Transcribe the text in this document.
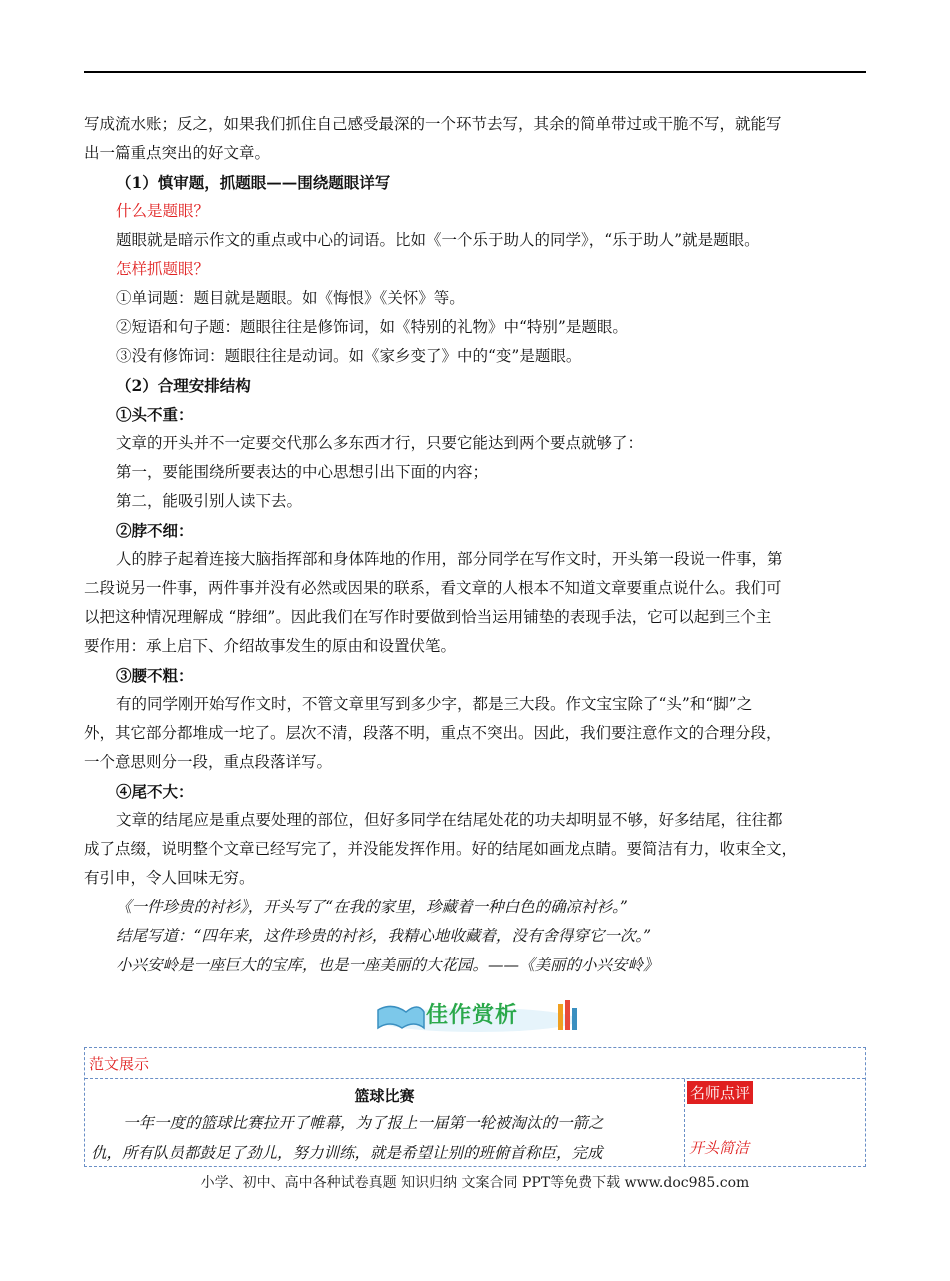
写成流水账；反之，如果我们抓住自己感受最深的一个环节去写，其余的简单带过或干脆不写，就能写

出一篇重点突出的好文章。

（1）慎审题，抓题眼——围绕题眼详写

什么是题眼？

题眼就是暗示作文的重点或中心的词语。比如《一个乐于助人的同学》，“乐于助人”就是题眼。

怎样抓题眼？

①单词题：题目就是题眼。如《悔恨》《关怀》等。

②短语和句子题：题眼往往是修饰词，如《特别的礼物》中“特别”是题眼。

③没有修饰词：题眼往往是动词。如《家乡变了》中的“变”是题眼。

（2）合理安排结构

①头不重：

文章的开头并不一定要交代那么多东西才行，只要它能达到两个要点就够了：

第一，要能围绕所要表达的中心思想引出下面的内容；

第二，能吸引别人读下去。

②脖不细：

人的脖子起着连接大脑指挥部和身体阵地的作用，部分同学在写作文时，开头第一段说一件事，第

二段说另一件事，两件事并没有必然或因果的联系，看文章的人根本不知道文章要重点说什么。我们可

以把这种情况理解成 “脖细”。因此我们在写作时要做到恰当运用铺垫的表现手法，它可以起到三个主

要作用：承上启下、介绍故事发生的原由和设置伏笔。

③腰不粗：

有的同学刚开始写作文时，不管文章里写到多少字，都是三大段。作文宝宝除了“头”和“脚”之

外，其它部分都堆成一坨了。层次不清，段落不明，重点不突出。因此，我们要注意作文的合理分段，

一个意思则分一段，重点段落详写。

④尾不大：

文章的结尾应是重点要处理的部位，但好多同学在结尾处花的功夫却明显不够，好多结尾，往往都

成了点缀，说明整个文章已经写完了，并没能发挥作用。好的结尾如画龙点睛。要简洁有力，收束全文，

有引申，令人回味无穷。

《一件珍贵的衬衫》，开头写了“在我的家里，珍藏着一种白色的确凉衬衫。”

结尾写道：“四年来，这件珍贵的衬衫，我精心地收藏着，没有舍得穿它一次。”

小兴安岭是一座巨大的宝库，也是一座美丽的大花园。——《美丽的小兴安岭》

佳作赏析
范文展示
篮球比赛
一年一度的篮球比赛拉开了帷幕，为了报上一届第一轮被淘汰的一箭之
仇，所有队员都鼓足了劲儿，努力训练，就是希望让别的班俯首称臣，完成
名师点评
开头简洁
小学、初中、高中各种试卷真题 知识归纳 文案合同 PPT等免费下载 www.doc985.com
